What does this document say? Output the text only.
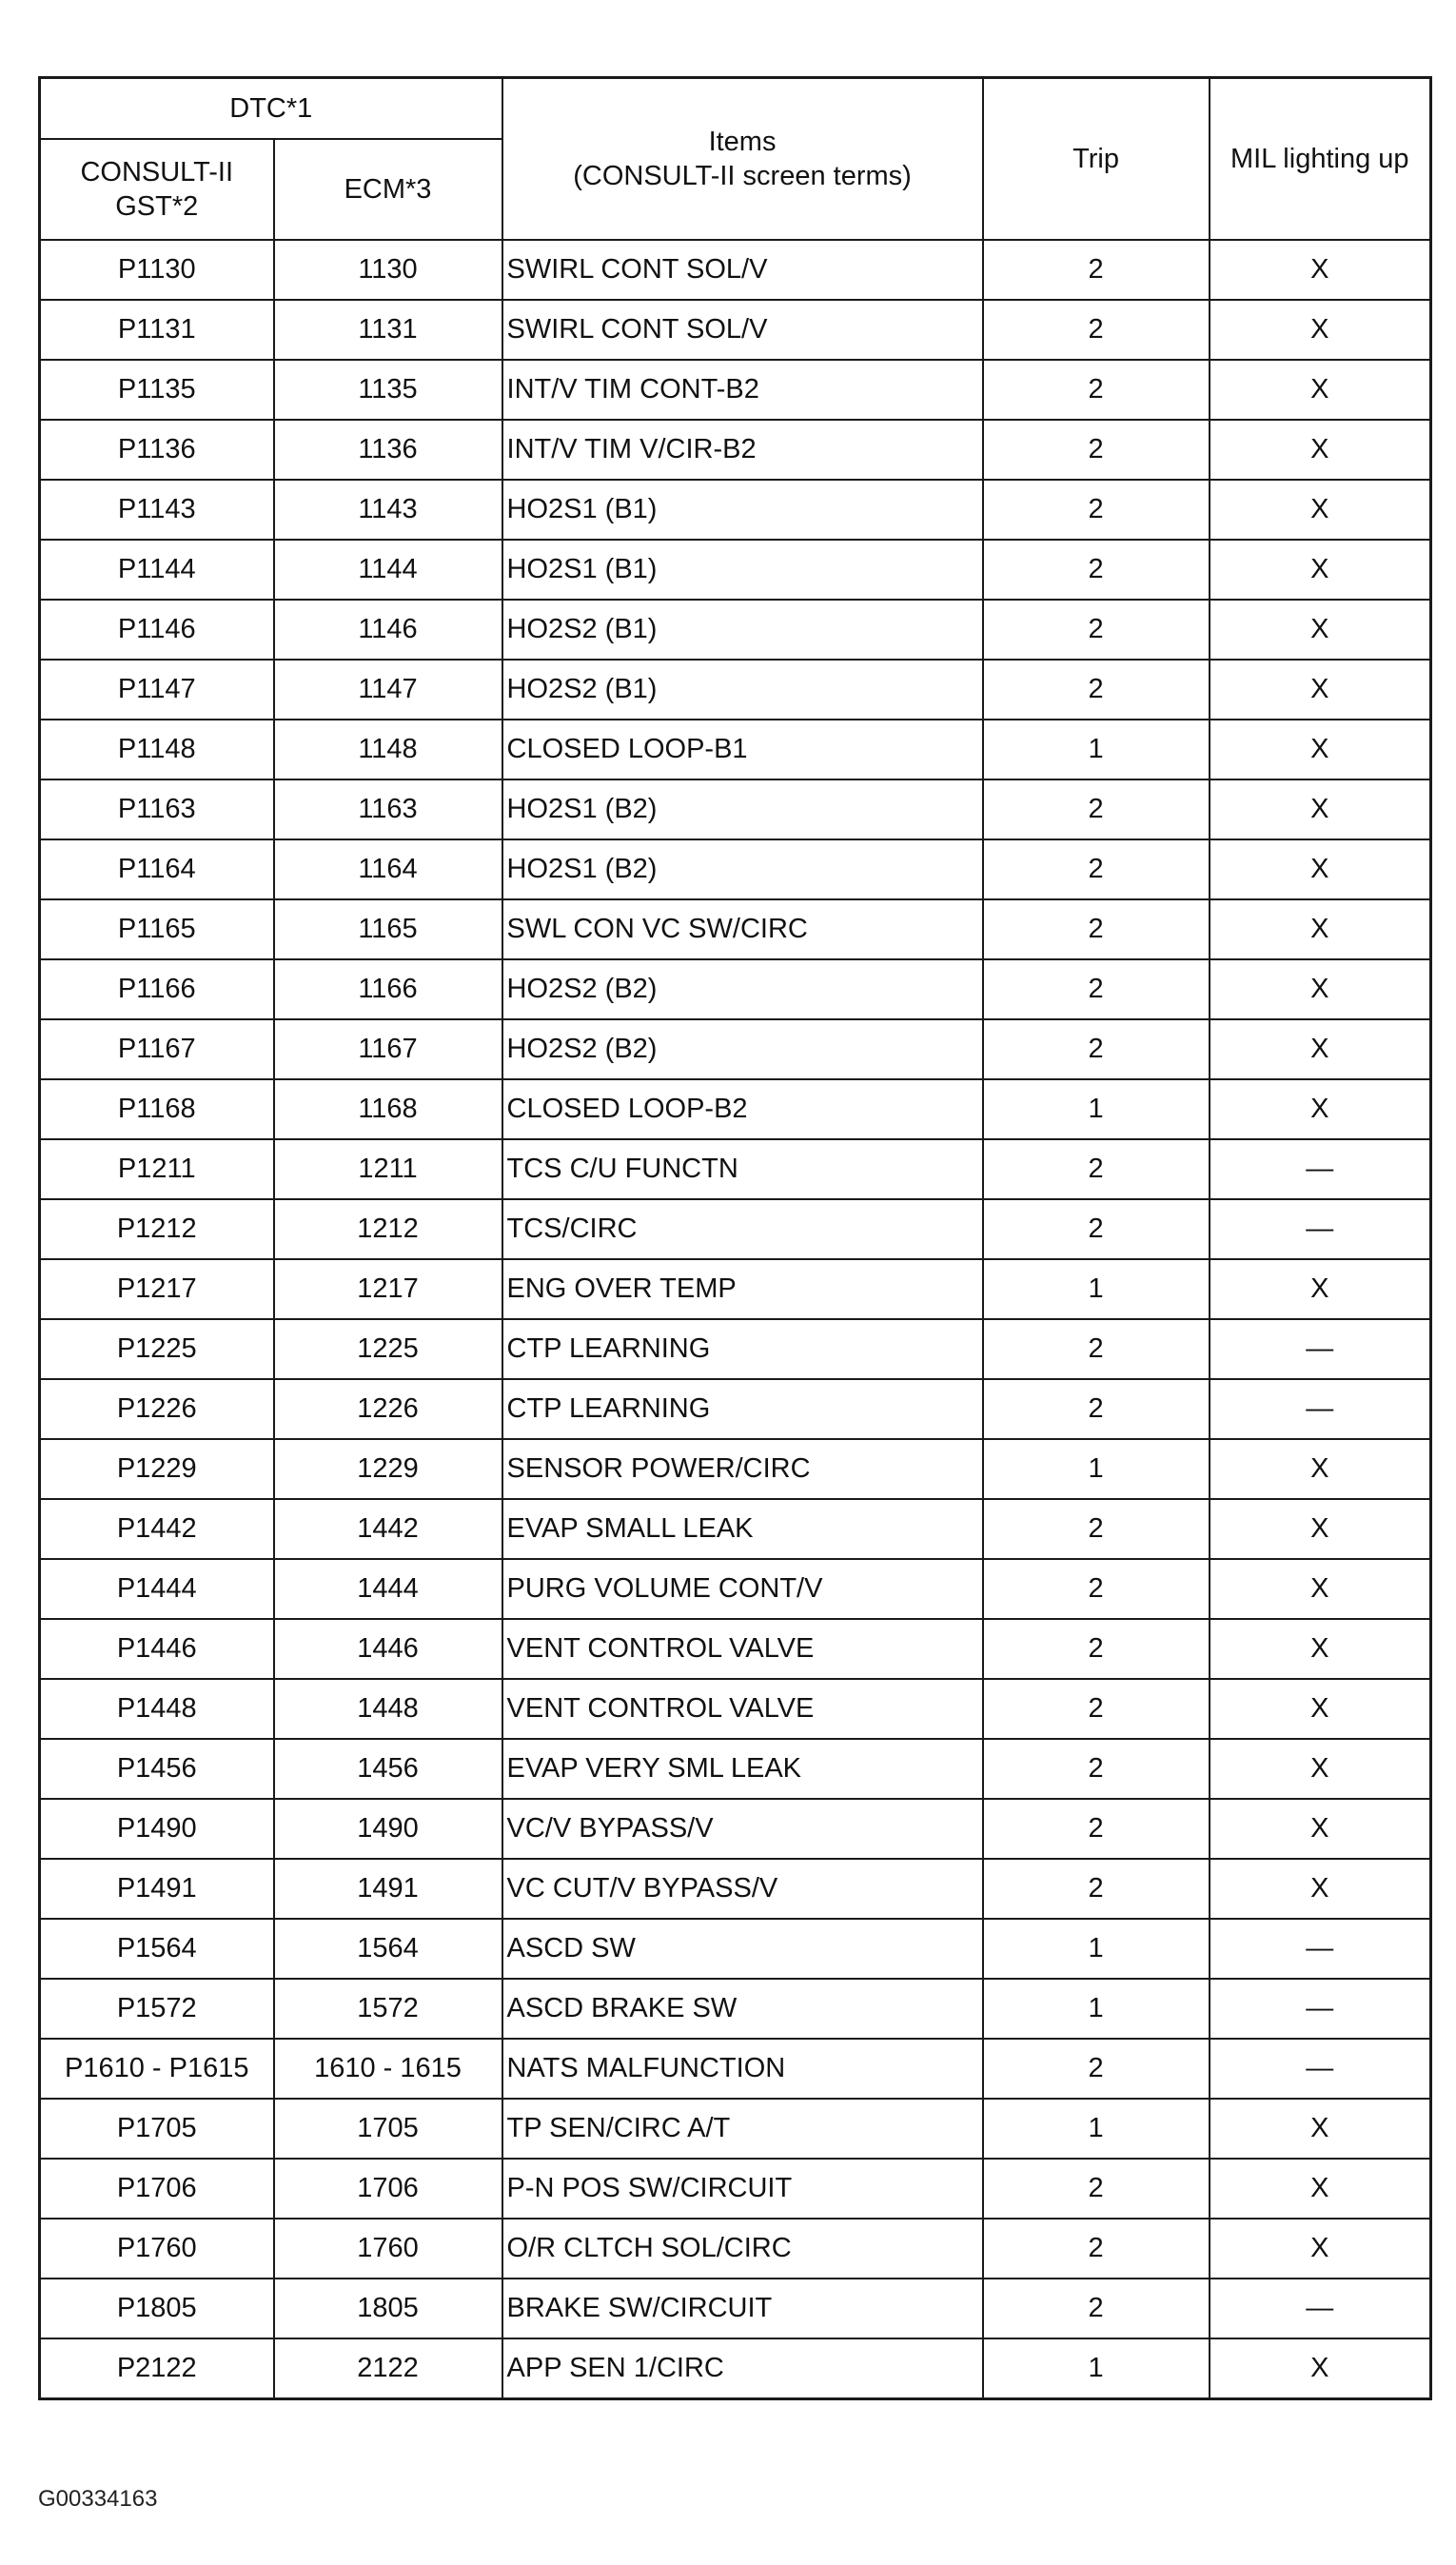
DTC*1		Items
(CONSULT-II screen terms)	Trip	MIL lighting up
CONSULT-II GST*2	ECM*3			
P1130	1130	SWIRL CONT SOL/V	2	X
P1131	1131	SWIRL CONT SOL/V	2	X
P1135	1135	INT/V TIM CONT-B2	2	X
P1136	1136	INT/V TIM V/CIR-B2	2	X
P1143	1143	HO2S1 (B1)	2	X
P1144	1144	HO2S1 (B1)	2	X
P1146	1146	HO2S2 (B1)	2	X
P1147	1147	HO2S2 (B1)	2	X
P1148	1148	CLOSED LOOP-B1	1	X
P1163	1163	HO2S1 (B2)	2	X
P1164	1164	HO2S1 (B2)	2	X
P1165	1165	SWL CON VC SW/CIRC	2	X
P1166	1166	HO2S2 (B2)	2	X
P1167	1167	HO2S2 (B2)	2	X
P1168	1168	CLOSED LOOP-B2	1	X
P1211	1211	TCS C/U FUNCTN	2	—
P1212	1212	TCS/CIRC	2	—
P1217	1217	ENG OVER TEMP	1	X
P1225	1225	CTP LEARNING	2	—
P1226	1226	CTP LEARNING	2	—
P1229	1229	SENSOR POWER/CIRC	1	X
P1442	1442	EVAP SMALL LEAK	2	X
P1444	1444	PURG VOLUME CONT/V	2	X
P1446	1446	VENT CONTROL VALVE	2	X
P1448	1448	VENT CONTROL VALVE	2	X
P1456	1456	EVAP VERY SML LEAK	2	X
P1490	1490	VC/V BYPASS/V	2	X
P1491	1491	VC CUT/V BYPASS/V	2	X
P1564	1564	ASCD SW	1	—
P1572	1572	ASCD BRAKE SW	1	—
P1610 - P1615	1610 - 1615	NATS MALFUNCTION	2	—
P1705	1705	TP SEN/CIRC A/T	1	X
P1706	1706	P-N POS SW/CIRCUIT	2	X
P1760	1760	O/R CLTCH SOL/CIRC	2	X
P1805	1805	BRAKE SW/CIRCUIT	2	—
P2122	2122	APP SEN 1/CIRC	1	X
G00334163
